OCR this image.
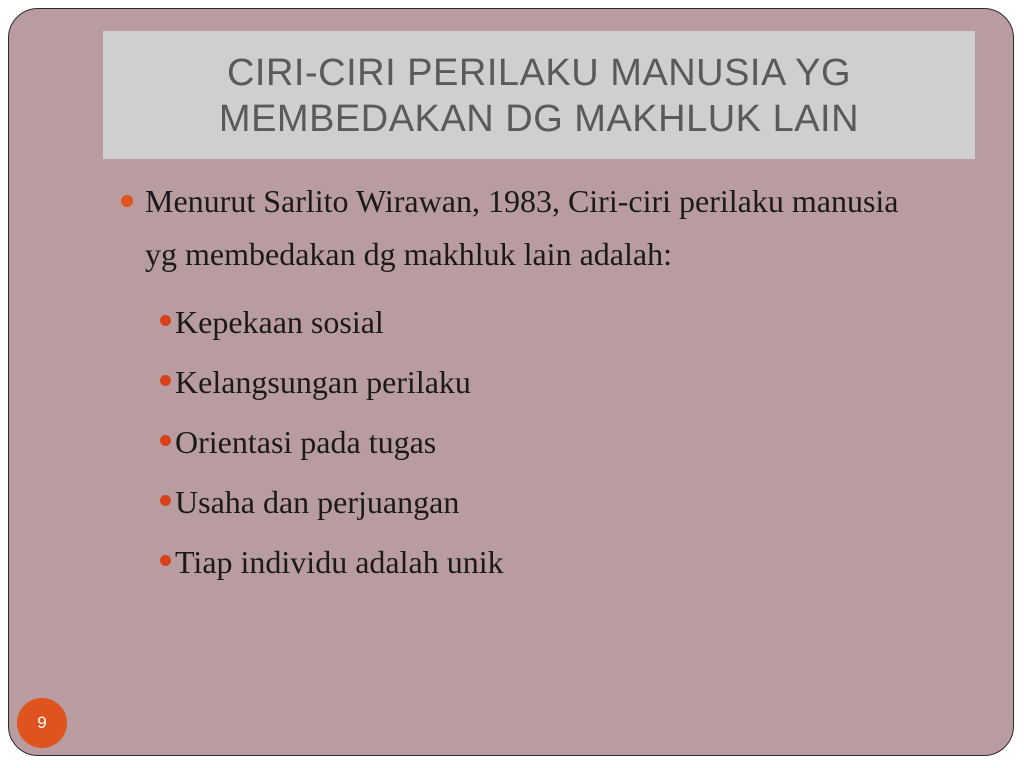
CIRI-CIRI PERILAKU MANUSIA YG
MEMBEDAKAN DG MAKHLUK LAIN
Menurut Sarlito Wirawan, 1983, Ciri-ciri perilaku manusia yg membedakan dg makhluk lain adalah:
Kepekaan sosial
Kelangsungan perilaku
Orientasi pada tugas
Usaha dan perjuangan
Tiap individu adalah unik
9
